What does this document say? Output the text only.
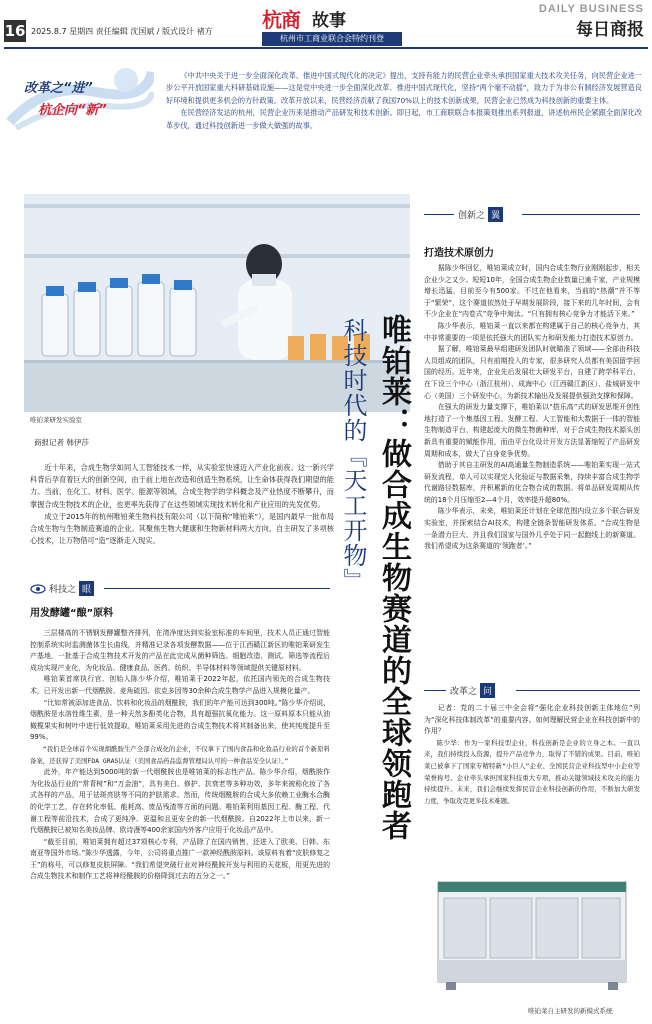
16 2025.8.7 星期四 责任编辑 沈国斌 / 版式设计 褚方 杭商 故事
杭州市工商业联合会特约刊登
DAILY BUSINESS
每日商报
改革之“进”
杭企向“新”

《中共中央关于进一步全面深化改革、推进中国式现代化的决定》提出，支持有能力的民营企业牵头承担国家重大技术攻关任务，向民营企业进一步公平开放国家重大科研基础设施——这是党中央进一步全面深化改革、推进中国式现代化，坚持“两个毫不动摇”，致力于为非公有制经济发展营造良好环境和提供更多机会的方针政策。改革开放以来，民营经济贡献了我国70%以上的技术创新成果，民营企业已然成为科技创新的重要主体。

在民营经济发达的杭州，民营企业历来是推动产品研发和技术创新。即日起，市工商联联合本报策划推出系列报道，讲述杭州民企紧跟全面深化改革步伐，通过科技创新进一步做大做强的故事。

唯铂莱研发实验室	科技时代的『天工开物』 唯铂莱：做合成生物赛道的全球领跑者
商报记者 韩伊莎

近十年来，合成生物学如同人工智能技术一样，从实验室快速迈入产业化前夜。这一新兴学科背后孕育着巨大的创新空间，由于前上地在改造和创造生物系统，让生命体获得我们期望的能力。当前，在化工、材料、医学、能源等领域，合成生物学的学科概念及产业热度不断攀升，而掌握合成生物技术的企业，也更率先获得了在这些领域实现技术转化和产业应用的先发优势。

成立于2015年的杭州唯铂莱生物科技有限公司（以下简称“唯铂莱”），是国内最早一批布局合成生物与生物制造赛道的企业。其聚焦生物大健康和生物新材料两大方向，自主研发了多项核心技术，让万物借可“造”逐渐走入现实。

科技之 眼
用发酵罐“酿”原料

三层楼高的不锈钢发酵罐整齐排列，在湾净度达到实验室标准的车间里，技术人员正通过智能控制系统实时监测菌体生长曲线，并精准记录各项发酵数据——位于江西赣江新区的唯铂莱研发生产基地，一批基于合成生物技术开发的产品在此完成从菌种筛选、细胞改造、测试、筛选等流程后成功实现产业化，为化妆品、健康食品、医药、纺织、半导体材料等领域提供关键原材料。

唯铂莱首席执行官、创始人陈少华介绍，唯铂莱于2022年起，依托国内领先的合成生物技术，已开发出新一代烟酰胺、麦角硫因、依克多因等30余种合成生物学产品进入规模化量产。

“比如常被添加进食品、饮料和化妆品的烟酰胺，我们的年产能可达到300吨。”陈少华介绍说，烟酰胺是水溶性维生素，是一种天然多酚类化合物，具有超强抗氧化能力。这一原料原本只能从油橄榄果实和树叶中进行低效提取，唯铂莱采用先进的合成生物技术将其制备出来，使其纯度提升至99%。

“我们是全球首个实现烟酰胺生产全部合成化的企业，不仅拿下了国内食品和化妆品行业的首个新原料备案，还获得了美国FDA GRAS认证（美国食品药品监督管理局认可的一种食品安全认证）。”

此外，年产能达到5000吨的新一代烟酰胺也是唯铂莱的标志性产品。陈少华介绍，烟酰胺作为化妆品行业的“常青树”和“万金油”，具有美白、修护、抗衰老等多种功效，多年来被称化妆了各式各样的产品，用于祛斑亮肤等不同的护肤需求。然而，传统烟酰胺的合成大多依赖工业酶水合酶的化学工艺，存在转化率低、能耗高、废品残渣等方面的问题。唯铂莱利用基因工程、酶工程、代谢工程等前沿技术，合成了更纯净、更温和且更安全的新一代烟酰胺。自2022年上市以来，新一代烟酰胺已被知名美妆品牌、欧诗漫等400余家国内外客户应用于化妆品产品中。

“截至目前，唯铂莱拥有超过37项核心专利，产品除了在国内销售，还进入了欧美、日韩、东南亚等国外市场。”陈少华透露，今年，公司将重点推广一款神经酰胺原料。该原料有着“皮肤修复之王”的称号，可以修复皮肤屏障。“我们希望突破行业对神经酰胺开发与利用的天花板，用更先进的合成生物技术和制作工艺将神经酰胺的价格降到过去的五分之一。”

创新之 翼
打造技术原创力

据陈少华回忆，唯铂莱成立时，国内合成生物行业刚刚起步，相关企业少之又少。短短10年，全国合成生物企业数量已逾千家，产业规模增长迅猛，目前至今有500家。不过在他看来，当前的“热潮”并不等于“繁荣”，这个赛道依然处于早期发展阶段，接下来的几年时间，会有不少企业在“内卷式”竞争中淘汰。“只有拥有核心竞争力才能活下来。”

陈少华表示，唯铂莱一直以来都在构建属于自己的核心竞争力，其中非常重要的一项是依托强大的团队实力和研发能力打造技术原创力。

据了解，唯铂莱最早组建研发团队时就瞄准了领域——全部由科技人员组成的团队，只有前期投入的专家，很多研究人员都有美国留学回国的经历。近年来，企业先后发展壮大研发平台，自建了跨学科平台，在下设三个中心（浙江杭州）、成海中心（江西赣江新区）、盐城研发中心（美国）三个研发中心，为新技术输出及发展提供强劲支撑和保障。

在强大的研发力量支撑下，唯铂莱以“搭乐高”式的研发思维开创性地打造了一个集基因工程、发酵工程、人工智能和大数据于一体的智能生物制造平台，构建起庞大的微生物菌种库，对于合成生物技术源头创新具有重要的赋能作用，而由平台化设计开发方法显著缩短了产品研发周期和成本，做大了自身竞争优势。

借助于其自主研发的AI高通量生物制造系统——唯铂莱实现一站式研发流程，单人可以实现完人化验证与数据采集，持续丰富合成生物学代谢路径数据库，并积累新的化合物合成的数据。将单品研发周期从传统的18个月压缩至2—4个月，效率提升超80%。

陈少华表示，未来，唯铂莱还计划在全球范围内设立多个联合研发实验室，并探索结合AI技术，构建全链条智能研发体系。“合成生物是一条潜力巨大、并且我们国家与国外几乎处于同一起跑线上的新赛道。我们希望成为这条赛道的‘领跑者’。”

改革之 问

记者：党的二十届三中全会将“强化企业科技创新主体地位”列为“深化科技体制改革”的重要内容。如何理解民营企业在科技创新中的作用？

陈少华：作为一家科技型企业，科技创新是企业的立身之本。一直以来，我们持续投入资源，提升产品竞争力，取得了不错的成果。目前，唯铂莱已被拿下了国家专精特新“小巨人”企业、全国民营企业科技型中小企业等荣誉称号。企业牵头承担国家科技重大专项，推动关键领域技术攻关的能力持续提升。未来，我们会继续发挥民营企业科技创新的作用，不断加大研发力度，争取攻克更多技术难题。

唯铂莱自主研发的新模式系统
